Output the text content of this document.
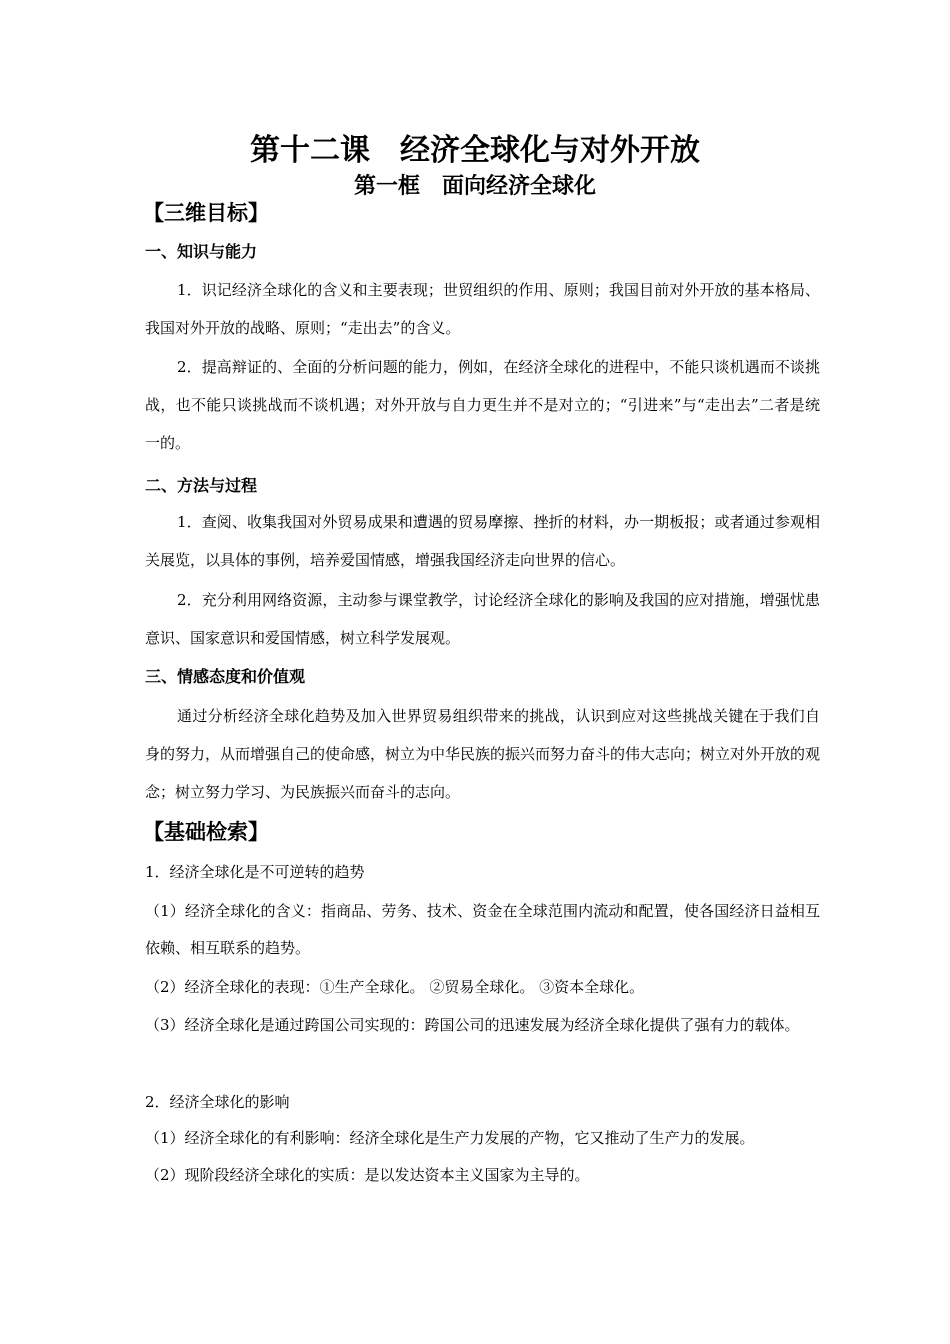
第十二课　经济全球化与对外开放
第一框　面向经济全球化
【三维目标】
一、知识与能力
1．识记经济全球化的含义和主要表现；世贸组织的作用、原则；我国目前对外开放的基本格局、我国对外开放的战略、原则；“走出去”的含义。
2．提高辩证的、全面的分析问题的能力，例如，在经济全球化的进程中，不能只谈机遇而不谈挑战，也不能只谈挑战而不谈机遇；对外开放与自力更生并不是对立的；“引进来”与“走出去”二者是统一的。
二、方法与过程
1．查阅、收集我国对外贸易成果和遭遇的贸易摩擦、挫折的材料，办一期板报；或者通过参观相关展览，以具体的事例，培养爱国情感，增强我国经济走向世界的信心。
2．充分利用网络资源，主动参与课堂教学，讨论经济全球化的影响及我国的应对措施，增强忧患意识、国家意识和爱国情感，树立科学发展观。
三、情感态度和价值观
通过分析经济全球化趋势及加入世界贸易组织带来的挑战，认识到应对这些挑战关键在于我们自身的努力，从而增强自己的使命感，树立为中华民族的振兴而努力奋斗的伟大志向；树立对外开放的观念；树立努力学习、为民族振兴而奋斗的志向。
【基础检索】
1．经济全球化是不可逆转的趋势
（1）经济全球化的含义：指商品、劳务、技术、资金在全球范围内流动和配置，使各国经济日益相互依赖、相互联系的趋势。
（2）经济全球化的表现：①生产全球化。 ②贸易全球化。 ③资本全球化。
（3）经济全球化是通过跨国公司实现的：跨国公司的迅速发展为经济全球化提供了强有力的载体。
2．经济全球化的影响
（1）经济全球化的有利影响：经济全球化是生产力发展的产物，它又推动了生产力的发展。
（2）现阶段经济全球化的实质：是以发达资本主义国家为主导的。
